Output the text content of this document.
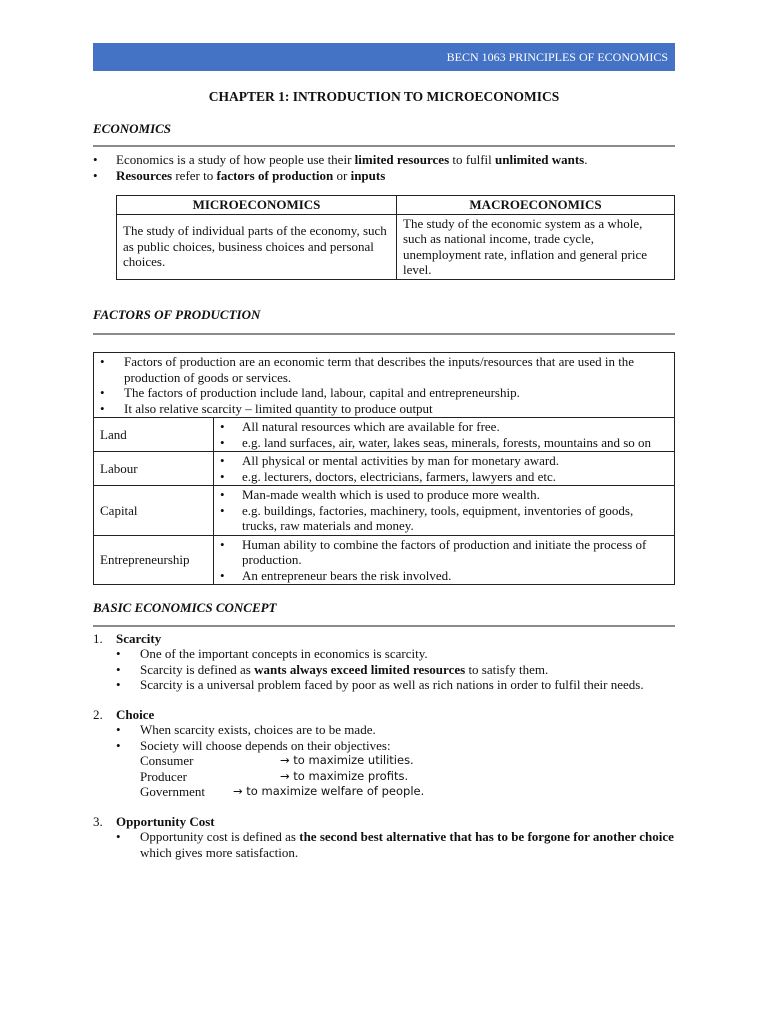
BECN 1063 PRINCIPLES OF ECONOMICS
CHAPTER 1: INTRODUCTION TO MICROECONOMICS
ECONOMICS
• Economics is a study of how people use their limited resources to fulfil unlimited wants.
• Resources refer to factors of production or inputs
MICROECONOMICS	MACROECONOMICS
The study of individual parts of the economy, such as public choices, business choices and personal choices.	The study of the economic system as a whole, such as national income, trade cycle, unemployment rate, inflation and general price level.
FACTORS OF PRODUCTION
• Factors of production are an economic term that describes the inputs/resources that are used in the production of goods or services.
• The factors of production include land, labour, capital and entrepreneurship.
• It also relative scarcity – limited quantity to produce output

Land	
• All natural resources which are available for free.
• e.g. land surfaces, air, water, lakes seas, minerals, forests, mountains and so on

Labour	
• All physical or mental activities by man for monetary award.
• e.g. lecturers, doctors, electricians, farmers, lawyers and etc.

Capital	
• Man-made wealth which is used to produce more wealth.
• e.g. buildings, factories, machinery, tools, equipment, inventories of goods, trucks, raw materials and money.

Entrepreneurship	
• Human ability to combine the factors of production and initiate the process of production.
• An entrepreneur bears the risk involved.
BASIC ECONOMICS CONCEPT
1. Scarcity
• One of the important concepts in economics is scarcity.
• Scarcity is defined as wants always exceed limited resources to satisfy them.
• Scarcity is a universal problem faced by poor as well as rich nations in order to fulfil their needs.
2. Choice
• When scarcity exists, choices are to be made.
• Society will choose depends on their objectives:
Consumer	→ to maximize utilities.
Producer	→ to maximize profits.
Government	→ to maximize welfare of people.
3. Opportunity Cost
• Opportunity cost is defined as the second best alternative that has to be forgone for another choice which gives more satisfaction.
